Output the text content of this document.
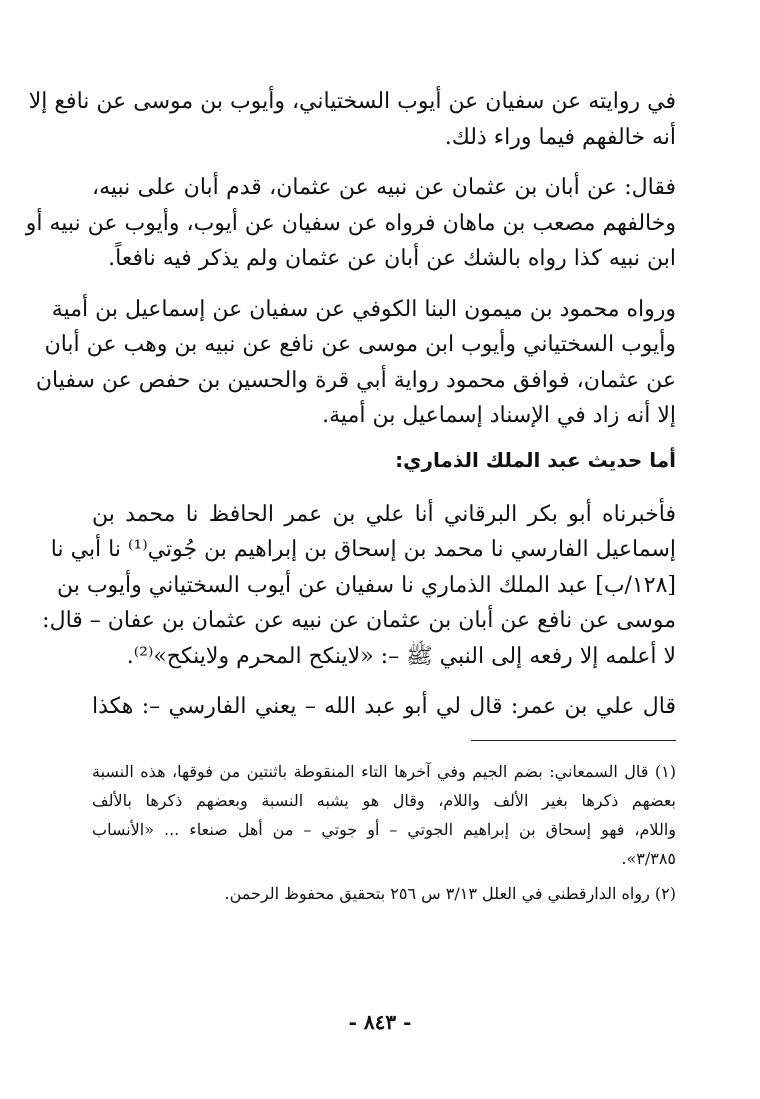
في روايته عن سفيان عن أيوب السختياني، وأيوب بن موسى عن نافع إلا
أنه خالفهم فيما وراء ذلك.
فقال: عن أبان بن عثمان عن نبيه عن عثمان، قدم أبان على نبيه،
وخالفهم مصعب بن ماهان فرواه عن سفيان عن أيوب، وأيوب عن نبيه أو
ابن نبيه كذا رواه بالشك عن أبان عن عثمان ولم يذكر فيه نافعاً.
ورواه محمود بن ميمون البنا الكوفي عن سفيان عن إسماعيل بن أمية
وأيوب السختياني وأيوب ابن موسى عن نافع عن نبيه بن وهب عن أبان
عن عثمان، فوافق محمود رواية أبي قرة والحسين بن حفص عن سفيان
إلا أنه زاد في الإسناد إسماعيل بن أمية.
أما حديث عبد الملك الذماري:
فأخبرناه أبو بكر البرقاني أنا علي بن عمر الحافظ نا محمد بن
إسماعيل الفارسي نا محمد بن إسحاق بن إبراهيم بن جُوتي⁽¹⁾ نا أبي نا
[١٢٨/ب] عبد الملك الذماري نا سفيان عن أيوب السختياني وأيوب بن
موسى عن نافع عن أبان بن عثمان عن نبيه عن عثمان بن عفان – قال:
لا أعلمه إلا رفعه إلى النبي ﷺ –: «لاينكح المحرم ولاينكح»⁽²⁾.
قال علي بن عمر: قال لي أبو عبد الله – يعني الفارسي –: هكذا
(١) قال السمعاني: بضم الجيم وفي آخرها التاء المنقوطة باثنتين من فوقها، هذه النسبة
بعضهم ذكرها بغير الألف واللام، وقال هو يشبه النسبة وبعضهم ذكرها بالألف
واللام، فهو إسحاق بن إبراهيم الجوتي – أو جوتي – من أهل صنعاء ... «الأنساب
٣/٣٨٥».
(٢) رواه الدارقطني في العلل ٣/١٣ س ٢٥٦ بتحقيق محفوظ الرحمن.
- ٨٤٣ -
